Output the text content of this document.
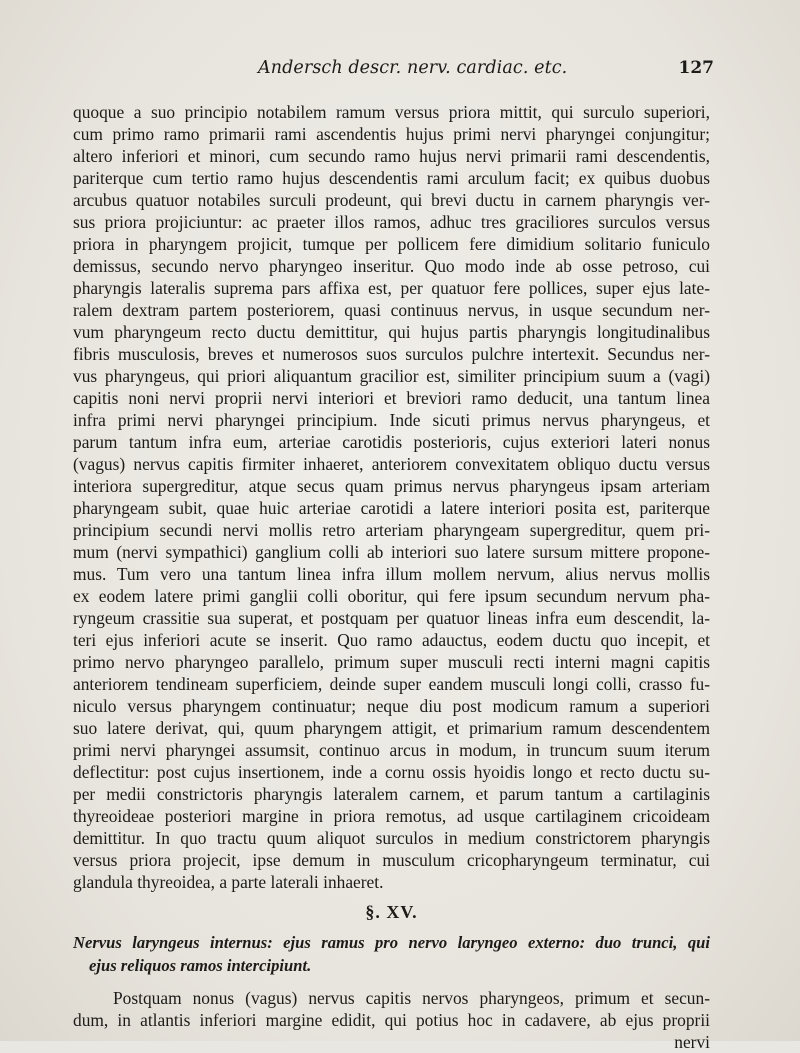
Andersch descr. nerv. cardiac. etc.	127
quoque a suo principio notabilem ramum versus priora mittit, qui surculo superiori,
cum primo ramo primarii rami ascendentis hujus primi nervi pharyngei conjungitur;
altero inferiori et minori, cum secundo ramo hujus nervi primarii rami descendentis,
pariterque cum tertio ramo hujus descendentis rami arculum facit; ex quibus duobus
arcubus quatuor notabiles surculi prodeunt, qui brevi ductu in carnem pharyngis ver-
sus priora projiciuntur: ac praeter illos ramos, adhuc tres graciliores surculos versus
priora in pharyngem projicit, tumque per pollicem fere dimidium solitario funiculo
demissus, secundo nervo pharyngeo inseritur. Quo modo inde ab osse petroso, cui
pharyngis lateralis suprema pars affixa est, per quatuor fere pollices, super ejus late-
ralem dextram partem posteriorem, quasi continuus nervus, in usque secundum ner-
vum pharyngeum recto ductu demittitur, qui hujus partis pharyngis longitudinalibus
fibris musculosis, breves et numerosos suos surculos pulchre intertexit. Secundus ner-
vus pharyngeus, qui priori aliquantum gracilior est, similiter principium suum a (vagi)
capitis noni nervi proprii nervi interiori et breviori ramo deducit, una tantum linea
infra primi nervi pharyngei principium. Inde sicuti primus nervus pharyngeus, et
parum tantum infra eum, arteriae carotidis posterioris, cujus exteriori lateri nonus
(vagus) nervus capitis firmiter inhaeret, anteriorem convexitatem obliquo ductu versus
interiora supergreditur, atque secus quam primus nervus pharyngeus ipsam arteriam
pharyngeam subit, quae huic arteriae carotidi a latere interiori posita est, pariterque
principium secundi nervi mollis retro arteriam pharyngeam supergreditur, quem pri-
mum (nervi sympathici) ganglium colli ab interiori suo latere sursum mittere propone-
mus. Tum vero una tantum linea infra illum mollem nervum, alius nervus mollis
ex eodem latere primi ganglii colli oboritur, qui fere ipsum secundum nervum pha-
ryngeum crassitie sua superat, et postquam per quatuor lineas infra eum descendit, la-
teri ejus inferiori acute se inserit. Quo ramo adauctus, eodem ductu quo incepit, et
primo nervo pharyngeo parallelo, primum super musculi recti interni magni capitis
anteriorem tendineam superficiem, deinde super eandem musculi longi colli, crasso fu-
niculo versus pharyngem continuatur; neque diu post modicum ramum a superiori
suo latere derivat, qui, quum pharyngem attigit, et primarium ramum descendentem
primi nervi pharyngei assumsit, continuo arcus in modum, in truncum suum iterum
deflectitur: post cujus insertionem, inde a cornu ossis hyoidis longo et recto ductu su-
per medii constrictoris pharyngis lateralem carnem, et parum tantum a cartilaginis
thyreoideae posteriori margine in priora remotus, ad usque cartilaginem cricoideam
demittitur. In quo tractu quum aliquot surculos in medium constrictorem pharyngis
versus priora projecit, ipse demum in musculum cricopharyngeum terminatur, cui
glandula thyreoidea, a parte laterali inhaeret.
§. XV.
Nervus laryngeus internus: ejus ramus pro nervo laryngeo externo: duo trunci, qui
ejus reliquos ramos intercipiunt.
Postquam nonus (vagus) nervus capitis nervos pharyngeos, primum et secun-
dum, in atlantis inferiori margine edidit, qui potius hoc in cadavere, ab ejus proprii
nervi
